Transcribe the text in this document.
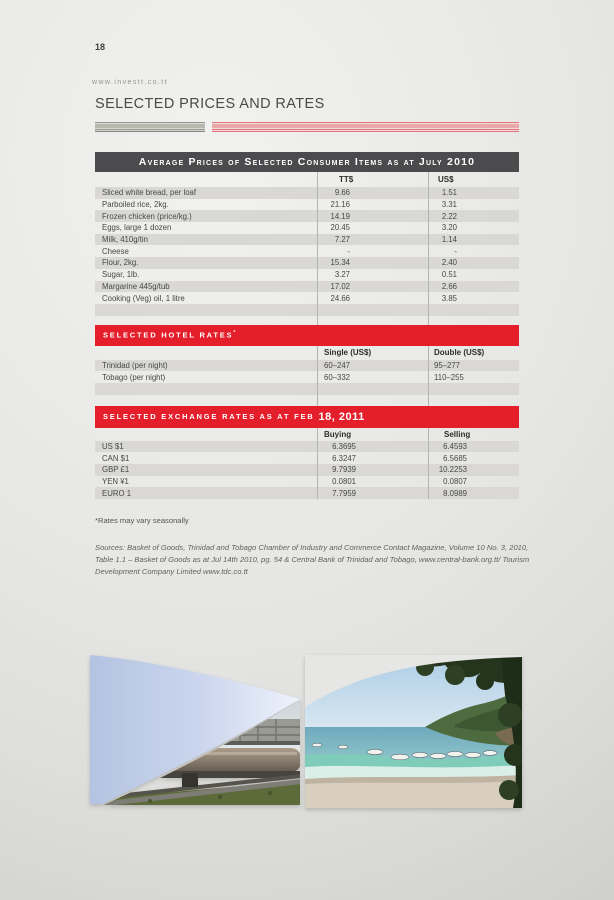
18
www.investt.co.tt
SELECTED PRICES AND RATES
Average Prices of Selected Consumer Items as at July 2010
TT$	US$
Sliced white bread, per loaf	9.66	1.51
Parboiled rice, 2kg.	21.16	3.31
Frozen chicken (price/kg.)	14.19	2.22
Eggs, large 1 dozen	20.45	3.20
Milk, 410g/tin	7.27	1.14
Cheese	-	-
Flour, 2kg.	15.34	2.40
Sugar, 1lb.	3.27	0.51
Margarine 445g/tub	17.02	2.66
Cooking (Veg) oil, 1 litre	24.66	3.85
SELECTED HOTEL RATES*
Single (US$)	Double (US$)
Trinidad (per night)	60–247	95–277
Tobago (per night)	60–332	110–255
SELECTED EXCHANGE RATES AS AT FEB 18, 2011
Buying	Selling
US $1	6.3695	6.4593
CAN $1	6.3247	6.5685
GBP £1	9.7939	10.2253
YEN ¥1	0.0801	0.0807
EURO 1	7.7959	8.0989
*Rates may vary seasonally
Sources: Basket of Goods, Trinidad and Tobago Chamber of Industry and Commerce Contact Magazine, Volume 10 No. 3, 2010, Table 1.1 – Basket of Goods as at Jul 14th 2010, pg. 54 & Central Bank of Trinidad and Tobago, www.central-bank.org.tt/ Tourism Development Company Limited www.tdc.co.tt
